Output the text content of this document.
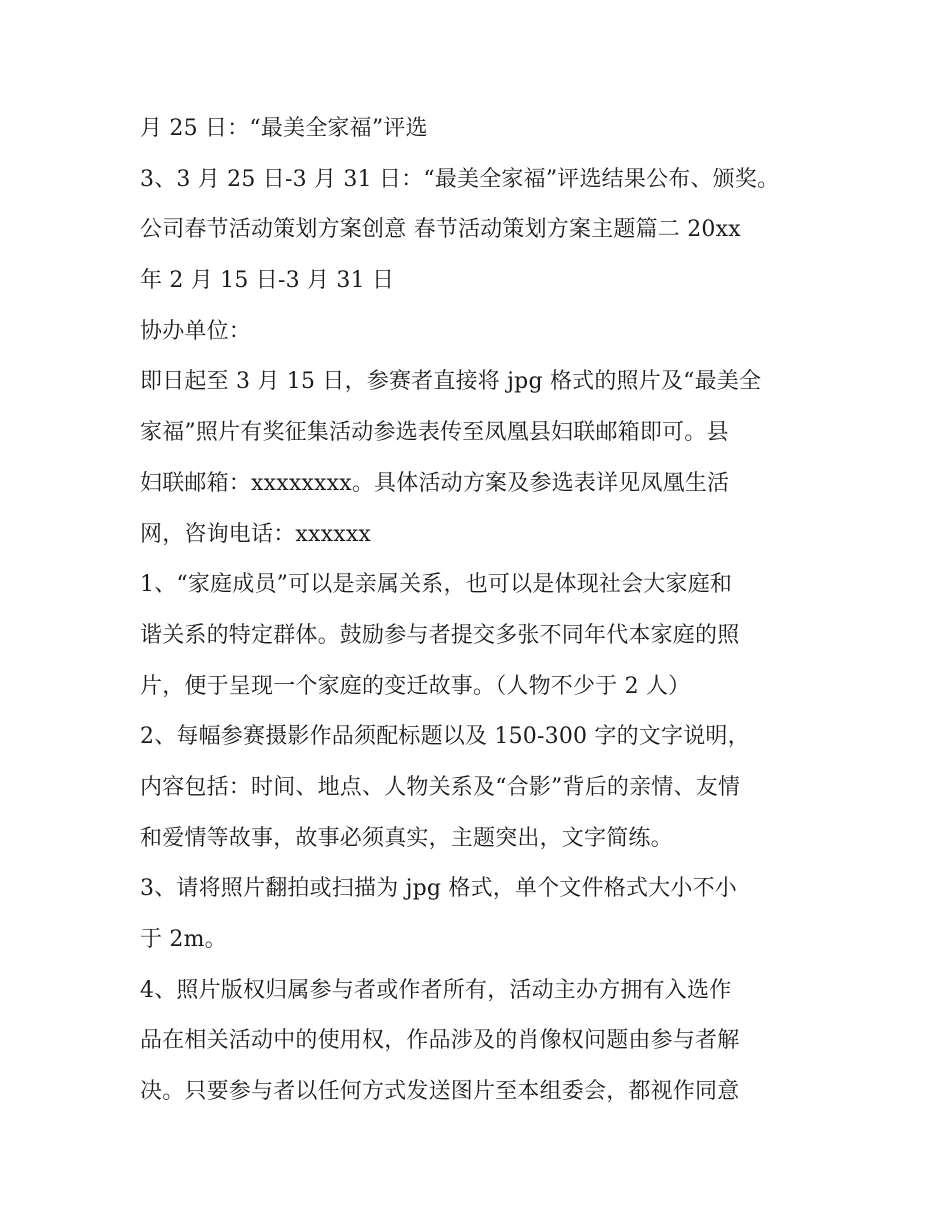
月 25 日：“最美全家福”评选
3、3 月 25 日-3 月 31 日：“最美全家福”评选结果公布、颁奖。
公司春节活动策划方案创意 春节活动策划方案主题篇二 20xx
年 2 月 15 日-3 月 31 日
协办单位：
即日起至 3 月 15 日，参赛者直接将 jpg 格式的照片及“最美全
家福”照片有奖征集活动参选表传至凤凰县妇联邮箱即可。县
妇联邮箱：xxxxxxxx。具体活动方案及参选表详见凤凰生活
网，咨询电话：xxxxxx
1、“家庭成员”可以是亲属关系，也可以是体现社会大家庭和
谐关系的特定群体。鼓励参与者提交多张不同年代本家庭的照
片，便于呈现一个家庭的变迁故事。（人物不少于 2 人）
2、每幅参赛摄影作品须配标题以及 150-300 字的文字说明，
内容包括：时间、地点、人物关系及“合影”背后的亲情、友情
和爱情等故事，故事必须真实，主题突出，文字简练。
3、请将照片翻拍或扫描为 jpg 格式，单个文件格式大小不小
于 2m。
4、照片版权归属参与者或作者所有，活动主办方拥有入选作
品在相关活动中的使用权，作品涉及的肖像权问题由参与者解
决。只要参与者以任何方式发送图片至本组委会，都视作同意
